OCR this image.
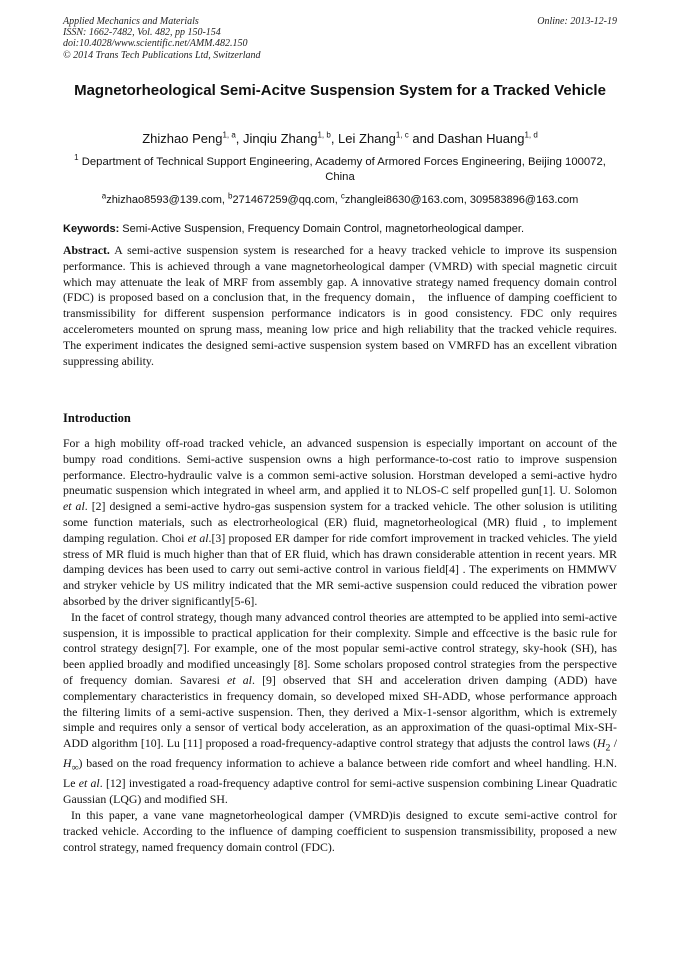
Applied Mechanics and Materials
ISSN: 1662-7482, Vol. 482, pp 150-154
doi:10.4028/www.scientific.net/AMM.482.150
© 2014 Trans Tech Publications Ltd, Switzerland
Online: 2013-12-19
Magnetorheological Semi-Acitve Suspension System for a Tracked Vehicle
Zhizhao Peng$^{1, a}$, Jinqiu Zhang$^{1, b}$, Lei Zhang$^{1, c}$ and Dashan Huang$^{1, d}$
$^1$ Department of Technical Support Engineering, Academy of Armored Forces Engineering, Beijing 100072, China
$^a$zhizhao8593@139.com, $^b$271467259@qq.com, $^c$zhanglei8630@163.com, 309583896@163.com
Keywords: Semi-Active Suspension, Frequency Domain Control, magnetorheological damper.

Abstract. A semi-active suspension system is researched for a heavy tracked vehicle to improve its suspension performance. This is achieved through a vane magnetorheological damper (VMRD) with special magnetic circuit which may attenuate the leak of MRF from assembly gap. A innovative strategy named frequency domain control (FDC) is proposed based on a conclusion that, in the frequency domain， the influence of damping coefficient to transmissibility for different suspension performance indicators is in good consistency. FDC only requires accelerometers mounted on sprung mass, meaning low price and high reliability that the tracked vehicle requires. The experiment indicates the designed semi-active suspension system based on VMRFD has an excellent vibration suppressing ability.

Introduction

For a high mobility off-road tracked vehicle, an advanced suspension is especially important on account of the bumpy road conditions. Semi-active suspension owns a high performance-to-cost ratio to improve suspension performance. Electro-hydraulic valve is a common semi-active solusion. Horstman developed a semi-active hydro pneumatic suspension which integrated in wheel arm, and applied it to NLOS-C self propelled gun[1]. U. Solomon et al. [2] designed a semi-active hydro-gas suspension system for a tracked vehicle. The other solusion is utiliting some function materials, such as electrorheological (ER) fluid, magnetorheological (MR) fluid , to implement damping regulation. Choi et al.[3] proposed ER damper for ride comfort improvement in tracked vehicles. The yield stress of MR fluid is much higher than that of ER fluid, which has drawn considerable attention in recent years. MR damping devices has been used to carry out semi-active control in various field[4] . The experiments on HMMWV and stryker vehicle by US militry indicated that the MR semi-active suspension could reduced the vibration power absorbed by the driver significantly[5-6].

In the facet of control strategy, though many advanced control theories are attempted to be applied into semi-active suspension, it is impossible to practical application for their complexity. Simple and effcective is the basic rule for control strategy design[7]. For example, one of the most popular semi-active control strategy, sky-hook (SH), has been applied broadly and modified unceasingly [8]. Some scholars proposed control strategies from the perspective of frequency domian. Savaresi et al. [9] observed that SH and acceleration driven damping (ADD) have complementary characteristics in frequency domain, so developed mixed SH-ADD, whose performance approach the filtering limits of a semi-active suspension. Then, they derived a Mix-1-sensor algorithm, which is extremely simple and requires only a sensor of vertical body acceleration, as an approximation of the quasi-optimal Mix-SH-ADD algorithm [10]. Lu [11] proposed a road-frequency-adaptive control strategy that adjusts the control laws $(H_2 / H_\infty)$ based on the road frequency information to achieve a balance between ride comfort and wheel handling. H.N. Le et al. [12] investigated a road-frequency adaptive control for semi-active suspension combining Linear Quadratic Gaussian (LQG) and modified SH.

In this paper, a vane vane magnetorheological damper (VMRD)is designed to excute semi-active control for tracked vehicle. According to the influence of damping coefficient to suspension transmissibility, proposed a new control strategy, named frequency domain control (FDC).
